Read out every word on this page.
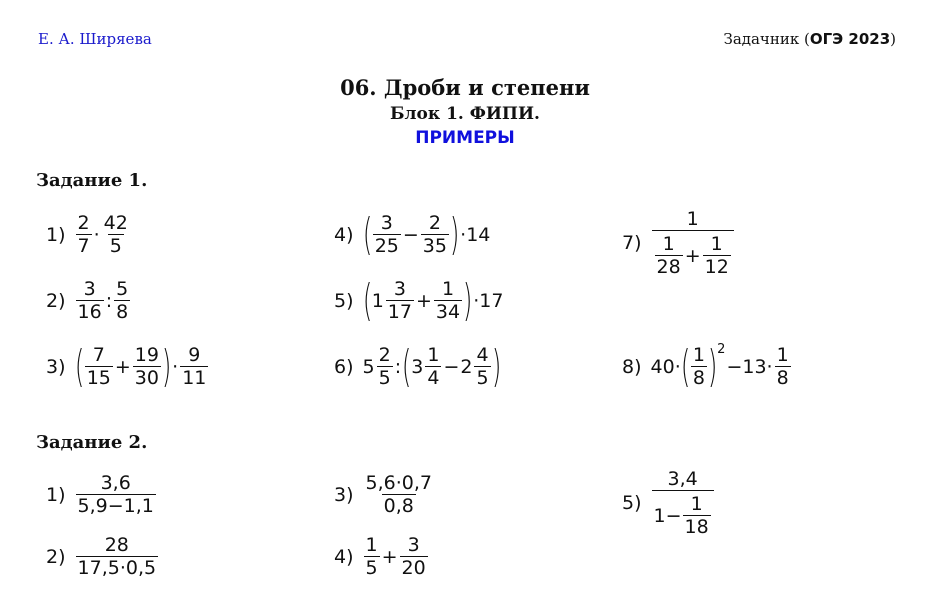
Е. А. Ширяева	Задачник (ОГЭ 2023)
06. Дроби и степени
Блок 1. ФИПИ.
ПРИМЕРЫ
Задание 1.
1)
2
7
·
42
5
2)
3
16
:
5
8
3) ( 7
15
+ $\frac{19}{30}$ ) ·
9
11
4) ( 3
25
− $\frac{2}{35}$ ) ·14
5) ( 1
3
17
+ $\frac{1}{34}$ ) ·17
6) 5
2
5
: ( 3
1
4
− 2
4
5 )
7)
1
1
28
+ $\frac{1}{12}$
8) 40· ( 1
8 ) 2
−13·
1
8
Задание 2.
1)
3,6
5,9−1,1
2)
28
17,5·0,5
3)
5,6·0,7
0,8
4)
1
5
+ $\frac{3}{20}$
5)
3,4
$1- \frac{1}{18}$
